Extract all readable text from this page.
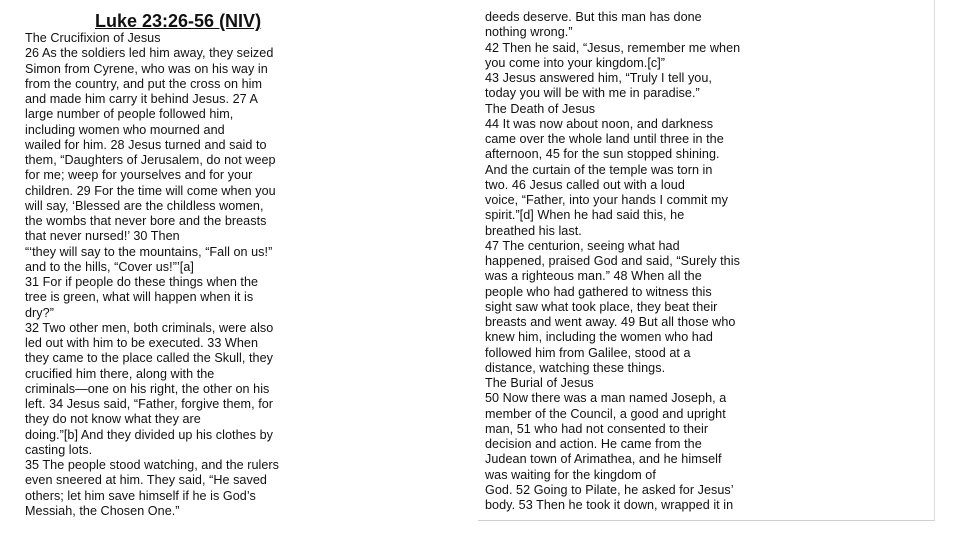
Luke 23:26-56 (NIV)
The Crucifixion of Jesus
26 As the soldiers led him away, they seized
Simon from Cyrene, who was on his way in
from the country, and put the cross on him
and made him carry it behind Jesus. 27 A
large number of people followed him,
including women who mourned and
wailed for him. 28 Jesus turned and said to
them, “Daughters of Jerusalem, do not weep
for me; weep for yourselves and for your
children. 29 For the time will come when you
will say, ‘Blessed are the childless women,
the wombs that never bore and the breasts
that never nursed!’ 30 Then
“‘they will say to the mountains, “Fall on us!”
and to the hills, “Cover us!”’[a]
31 For if people do these things when the
tree is green, what will happen when it is
dry?”
32 Two other men, both criminals, were also
led out with him to be executed. 33 When
they came to the place called the Skull, they
crucified him there, along with the
criminals—one on his right, the other on his
left. 34 Jesus said, “Father, forgive them, for
they do not know what they are
doing.”[b] And they divided up his clothes by
casting lots.
35 The people stood watching, and the rulers
even sneered at him. They said, “He saved
others; let him save himself if he is God’s
Messiah, the Chosen One.”
deeds deserve. But this man has done
nothing wrong.”
42 Then he said, “Jesus, remember me when
you come into your kingdom.[c]”
43 Jesus answered him, “Truly I tell you,
today you will be with me in paradise.”
The Death of Jesus
44 It was now about noon, and darkness
came over the whole land until three in the
afternoon, 45 for the sun stopped shining.
And the curtain of the temple was torn in
two. 46 Jesus called out with a loud
voice, “Father, into your hands I commit my
spirit.”[d] When he had said this, he
breathed his last.
47 The centurion, seeing what had
happened, praised God and said, “Surely this
was a righteous man.” 48 When all the
people who had gathered to witness this
sight saw what took place, they beat their
breasts and went away. 49 But all those who
knew him, including the women who had
followed him from Galilee, stood at a
distance, watching these things.
The Burial of Jesus
50 Now there was a man named Joseph, a
member of the Council, a good and upright
man, 51 who had not consented to their
decision and action. He came from the
Judean town of Arimathea, and he himself
was waiting for the kingdom of
God. 52 Going to Pilate, he asked for Jesus’
body. 53 Then he took it down, wrapped it in
